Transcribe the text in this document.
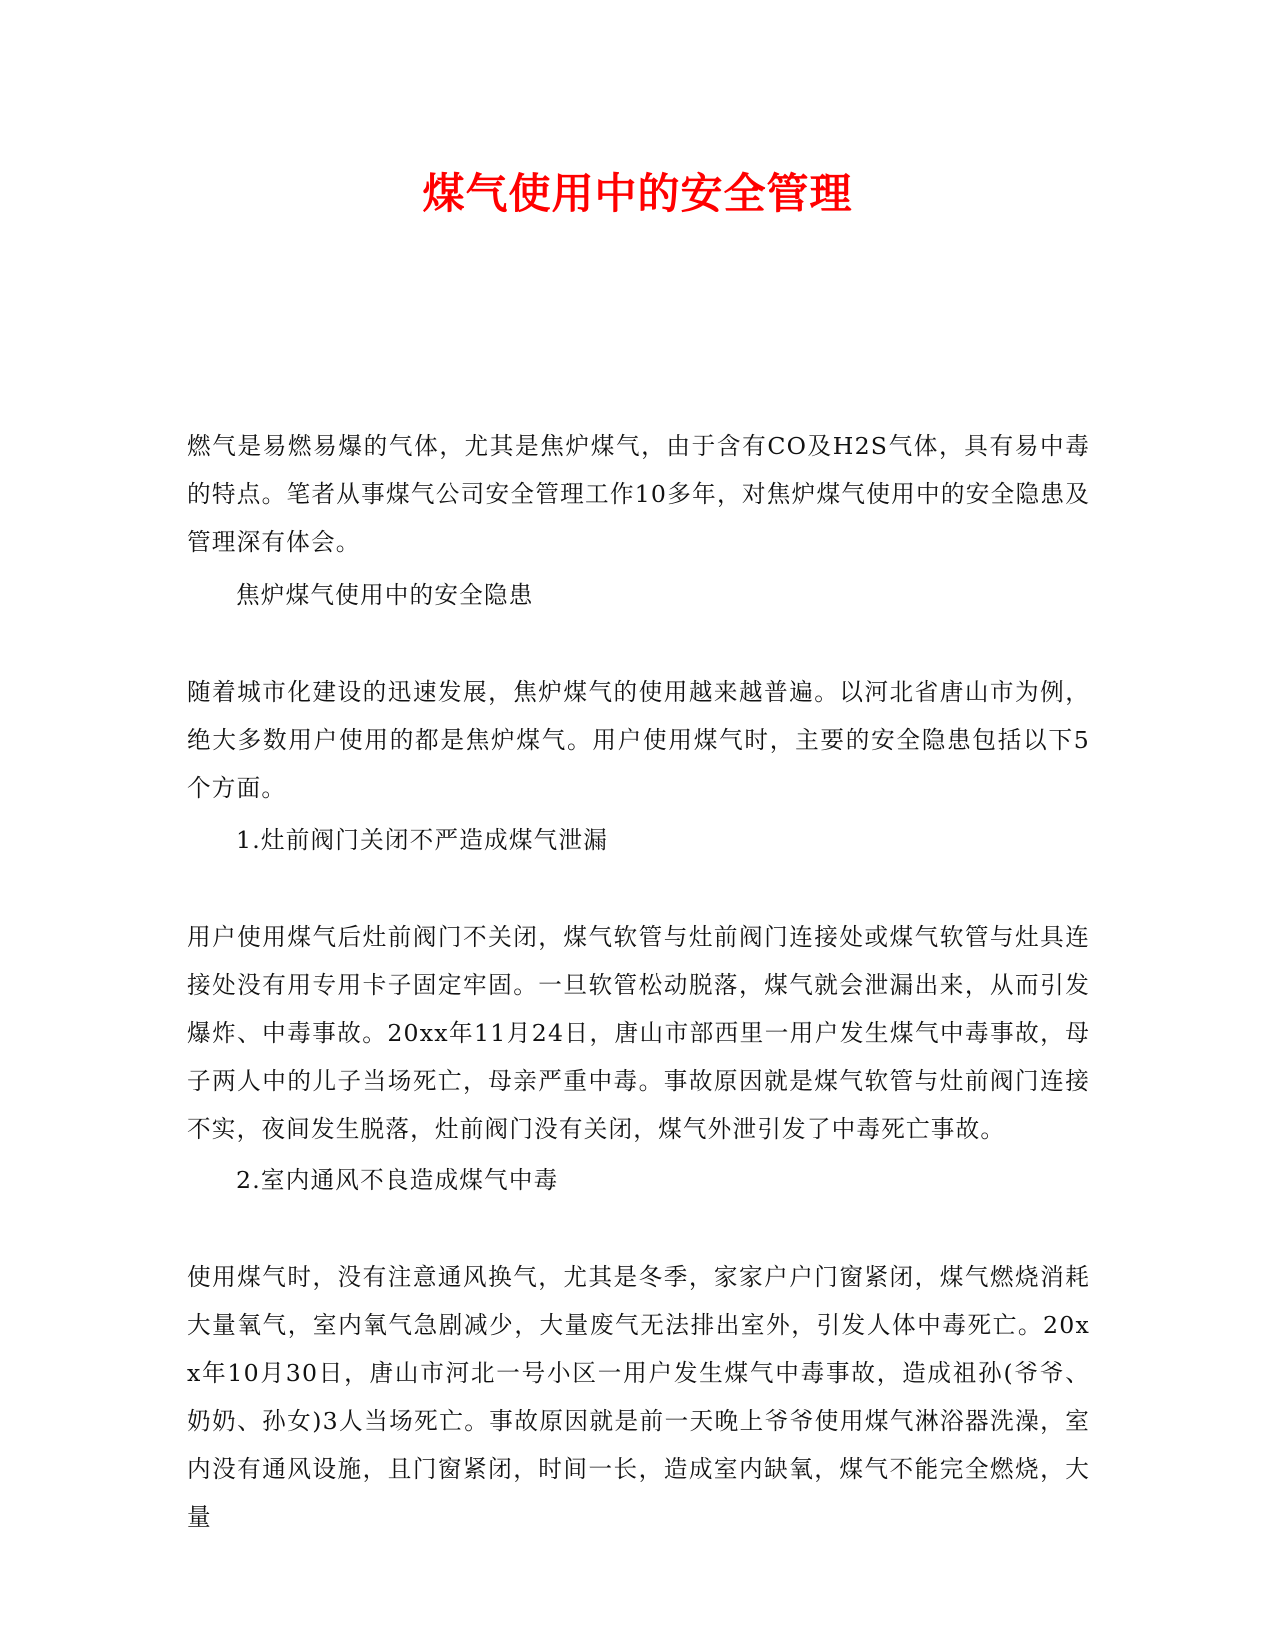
煤气使用中的安全管理

燃气是易燃易爆的气体，尤其是焦炉煤气，由于含有CO及H2S气体，具有易中毒的特点。笔者从事煤气公司安全管理工作10多年，对焦炉煤气使用中的安全隐患及管理深有体会。

焦炉煤气使用中的安全隐患

随着城市化建设的迅速发展，焦炉煤气的使用越来越普遍。以河北省唐山市为例，绝大多数用户使用的都是焦炉煤气。用户使用煤气时，主要的安全隐患包括以下5个方面。

1.灶前阀门关闭不严造成煤气泄漏

用户使用煤气后灶前阀门不关闭，煤气软管与灶前阀门连接处或煤气软管与灶具连接处没有用专用卡子固定牢固。一旦软管松动脱落，煤气就会泄漏出来，从而引发爆炸、中毒事故。20xx年11月24日，唐山市部西里一用户发生煤气中毒事故，母子两人中的儿子当场死亡，母亲严重中毒。事故原因就是煤气软管与灶前阀门连接不实，夜间发生脱落，灶前阀门没有关闭，煤气外泄引发了中毒死亡事故。

2.室内通风不良造成煤气中毒

使用煤气时，没有注意通风换气，尤其是冬季，家家户户门窗紧闭，煤气燃烧消耗大量氧气，室内氧气急剧减少，大量废气无法排出室外，引发人体中毒死亡。20xx年10月30日，唐山市河北一号小区一用户发生煤气中毒事故，造成祖孙(爷爷、奶奶、孙女)3人当场死亡。事故原因就是前一天晚上爷爷使用煤气淋浴器洗澡，室内没有通风设施，且门窗紧闭，时间一长，造成室内缺氧，煤气不能完全燃烧，大量
